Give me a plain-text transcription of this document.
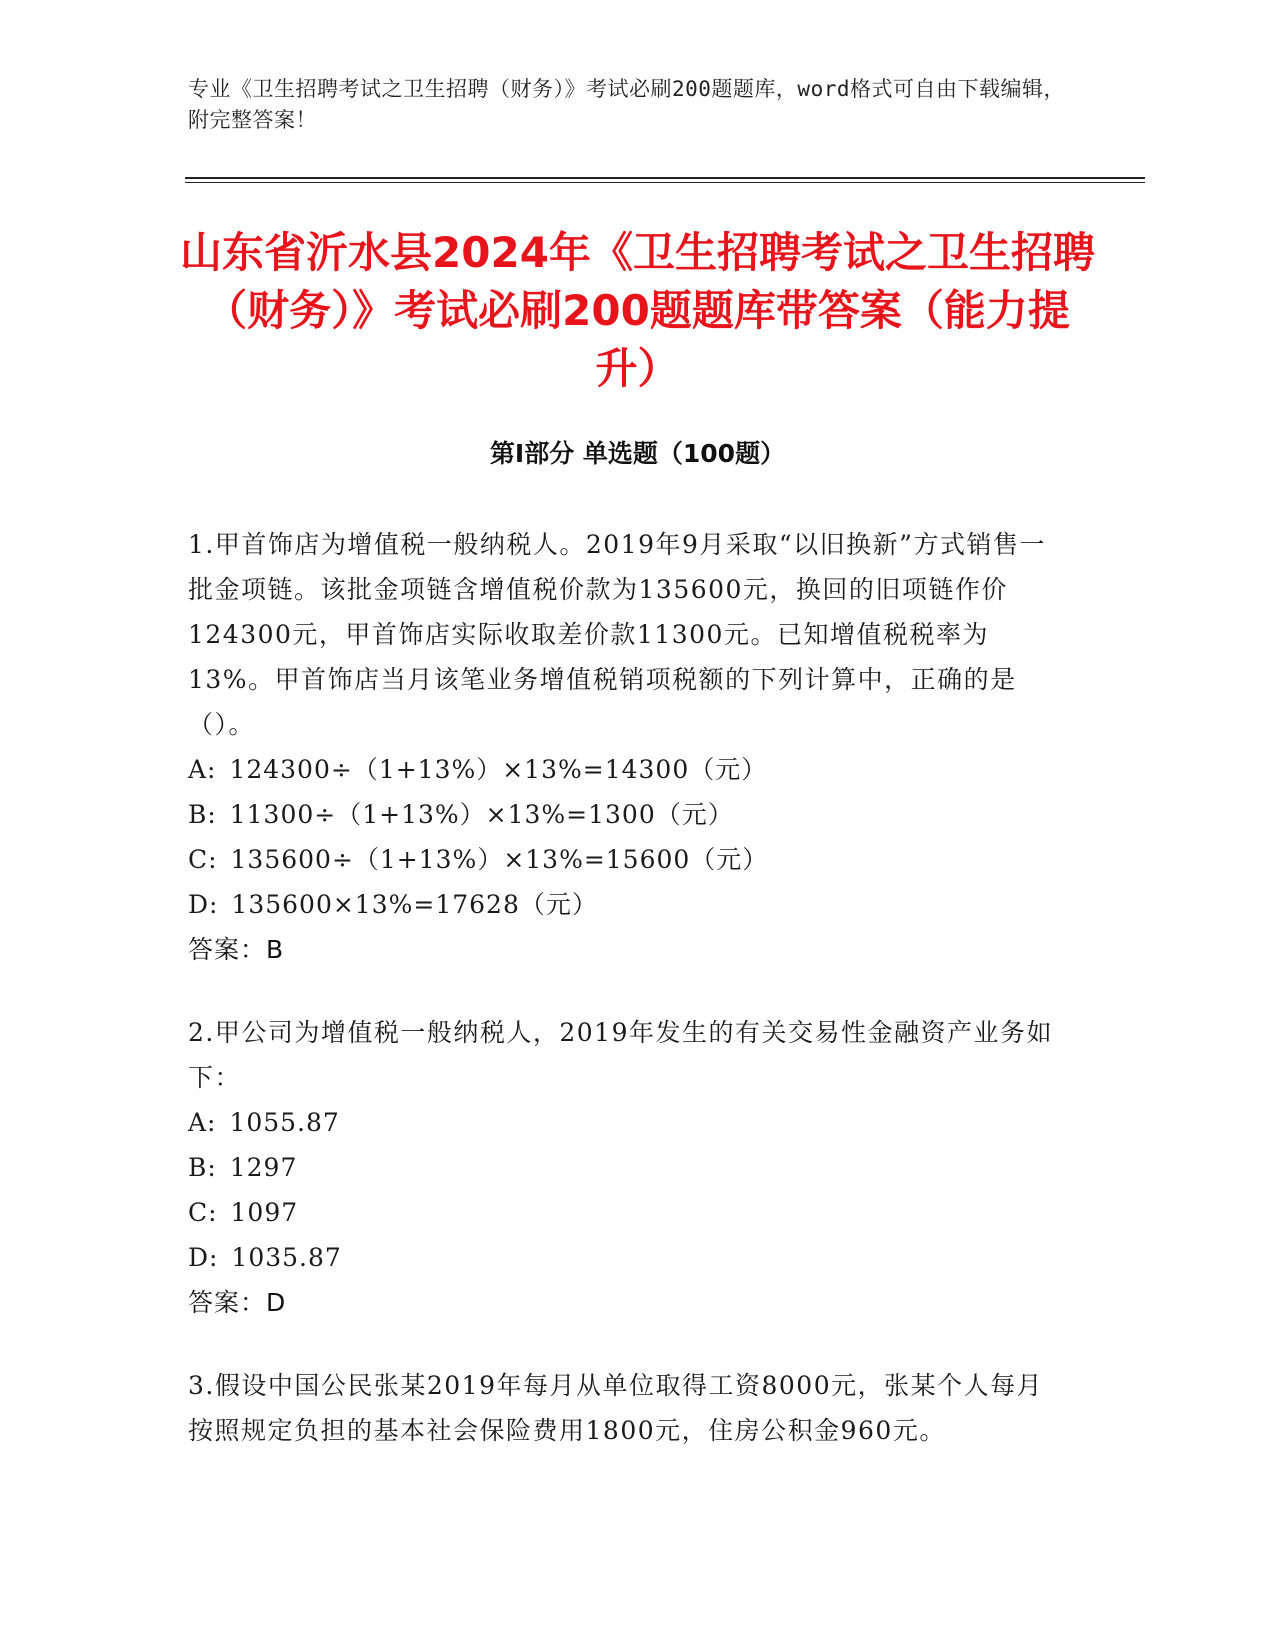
专业《卫生招聘考试之卫生招聘（财务）》考试必刷200题题库，word格式可自由下载编辑，附完整答案！
山东省沂水县2024年《卫生招聘考试之卫生招聘（财务）》考试必刷200题题库带答案（能力提升）
第Ⅰ部分 单选题（100题）
1.甲首饰店为增值税一般纳税人。2019年9月采取“以旧换新”方式销售一批金项链。该批金项链含增值税价款为135600元，换回的旧项链作价124300元，甲首饰店实际收取差价款11300元。已知增值税税率为13%。甲首饰店当月该笔业务增值税销项税额的下列计算中，正确的是（）。
A: 124300÷（1+13%）×13%=14300（元）
B: 11300÷（1+13%）×13%=1300（元）
C: 135600÷（1+13%）×13%=15600（元）
D: 135600×13%=17628（元）
答案：B
2.甲公司为增值税一般纳税人，2019年发生的有关交易性金融资产业务如下：
A: 1055.87
B: 1297
C: 1097
D: 1035.87
答案：D
3.假设中国公民张某2019年每月从单位取得工资8000元，张某个人每月按照规定负担的基本社会保险费用1800元，住房公积金960元。
